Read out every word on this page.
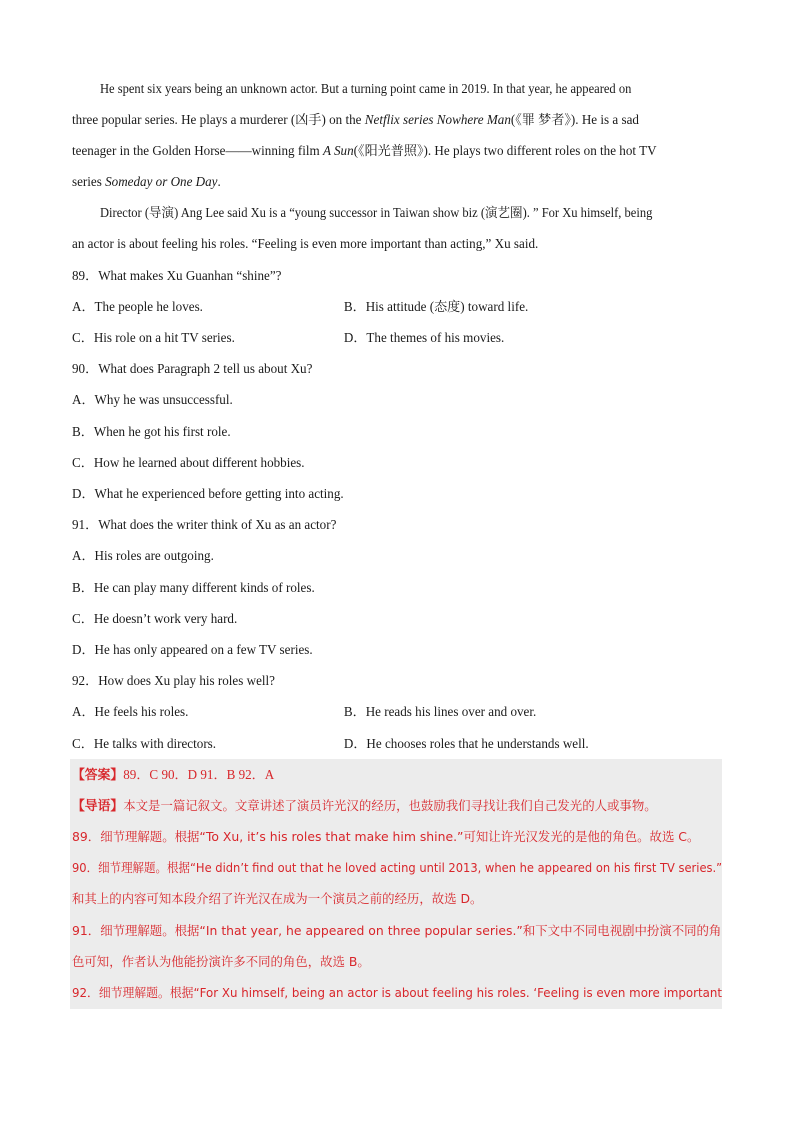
He spent six years being an unknown actor. But a turning point came in 2019. In that year, he appeared on
three popular series. He plays a murderer (凶手) on the Netflix series Nowhere Man(《罪 梦者》). He is a sad
teenager in the Golden Horse——winning film A Sun(《阳光普照》). He plays two different roles on the hot TV
series Someday or One Day.
Director (导演) Ang Lee said Xu is a “young successor in Taiwan show biz (演艺圈). ” For Xu himself, being
an actor is about feeling his roles. “Feeling is even more important than acting,” Xu said.
89．What makes Xu Guanhan “shine”?
A．The people he loves.	B．His attitude (态度) toward life.
C．His role on a hit TV series.	D．The themes of his movies.
90．What does Paragraph 2 tell us about Xu?
A．Why he was unsuccessful.
B．When he got his first role.
C．How he learned about different hobbies.
D．What he experienced before getting into acting.
91．What does the writer think of Xu as an actor?
A．His roles are outgoing.
B．He can play many different kinds of roles.
C．He doesn’t work very hard.
D．He has only appeared on a few TV series.
92．How does Xu play his roles well?
A．He feels his roles.	B．He reads his lines over and over.
C．He talks with directors.	D．He chooses roles that he understands well.
【答案】89．C 90．D 91．B 92．A
【导语】本文是一篇记叙文。文章讲述了演员许光汉的经历，也鼓励我们寻找让我们自己发光的人或事物。
89．细节理解题。根据“To Xu, it’s his roles that make him shine.”可知让许光汉发光的是他的角色。故选 C。
90．细节理解题。根据“He didn’t find out that he loved acting until 2013, when he appeared on his first TV series.”
和其上的内容可知本段介绍了许光汉在成为一个演员之前的经历，故选 D。
91．细节理解题。根据“In that year, he appeared on three popular series.”和下文中不同电视剧中扮演不同的角
色可知，作者认为他能扮演许多不同的角色，故选 B。
92．细节理解题。根据“For Xu himself, being an actor is about feeling his roles. ‘Feeling is even more important
